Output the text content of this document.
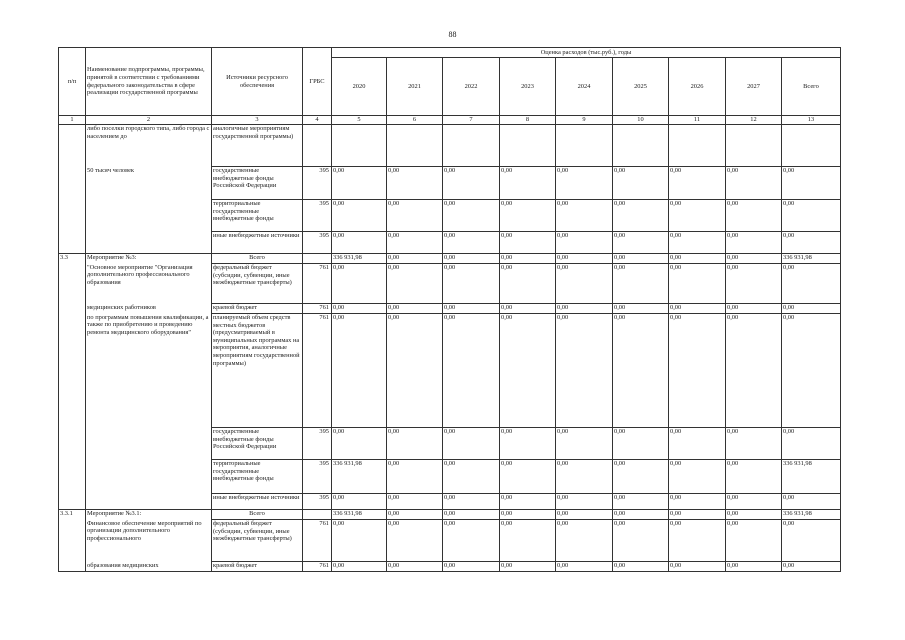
88
п/п	Наименование подпрограммы, программы, принятой в соответствии с требованиями федерального законодательства в сфере реализации государственной программы	Источники ресурсного обеспечения	ГРБС	Оценка расходов (тыс.руб.), годы								
				2020	2021	2022	2023	2024	2025	2026	2027	Всего
1	2	3	4	5	6	7	8	9	10	11	12	13
	либо поселки городского типа, либо города с населением до	аналогичные мероприятиям государственной программы)										
	50 тысяч человек	государственные внебюджетные фонды Российской Федерации	395	0,00	0,00	0,00	0,00	0,00	0,00	0,00	0,00	0,00
		территориальные государственные внебюджетные фонды	395	0,00	0,00	0,00	0,00	0,00	0,00	0,00	0,00	0,00
		иные внебюджетные источники	395	0,00	0,00	0,00	0,00	0,00	0,00	0,00	0,00	0,00
3.3	Мероприятие №3:	Всего		336 931,98	0,00	0,00	0,00	0,00	0,00	0,00	0,00	336 931,98
	"Основное мероприятие "Организация дополнительного профессионального образования	федеральный бюджет (субсидии, субвенции, иные межбюджетные трансферты)	761	0,00	0,00	0,00	0,00	0,00	0,00	0,00	0,00	0,00
	медицинских работников	краевой бюджет	761	0,00	0,00	0,00	0,00	0,00	0,00	0,00	0,00	0,00
	по программам повышения квалификации, а также по приобретению и проведению ремонта медицинского оборудования"	планируемый объем средств местных бюджетов (предусматриваемый в муниципальных программах на мероприятия, аналогичные мероприятиям государственной программы)	761	0,00	0,00	0,00	0,00	0,00	0,00	0,00	0,00	0,00
		государственные внебюджетные фонды Российской Федерации	395	0,00	0,00	0,00	0,00	0,00	0,00	0,00	0,00	0,00
		территориальные государственные внебюджетные фонды	395	336 931,98	0,00	0,00	0,00	0,00	0,00	0,00	0,00	336 931,98
		иные внебюджетные источники	395	0,00	0,00	0,00	0,00	0,00	0,00	0,00	0,00	0,00
3.3.1	Мероприятие №3.1:	Всего		336 931,98	0,00	0,00	0,00	0,00	0,00	0,00	0,00	336 931,98
	Финансовое обеспечение мероприятий по организации дополнительного профессионального	федеральный бюджет (субсидии, субвенции, иные межбюджетные трансферты)	761	0,00	0,00	0,00	0,00	0,00	0,00	0,00	0,00	0,00
	образования медицинских	краевой бюджет	761	0,00	0,00	0,00	0,00	0,00	0,00	0,00	0,00	0,00
